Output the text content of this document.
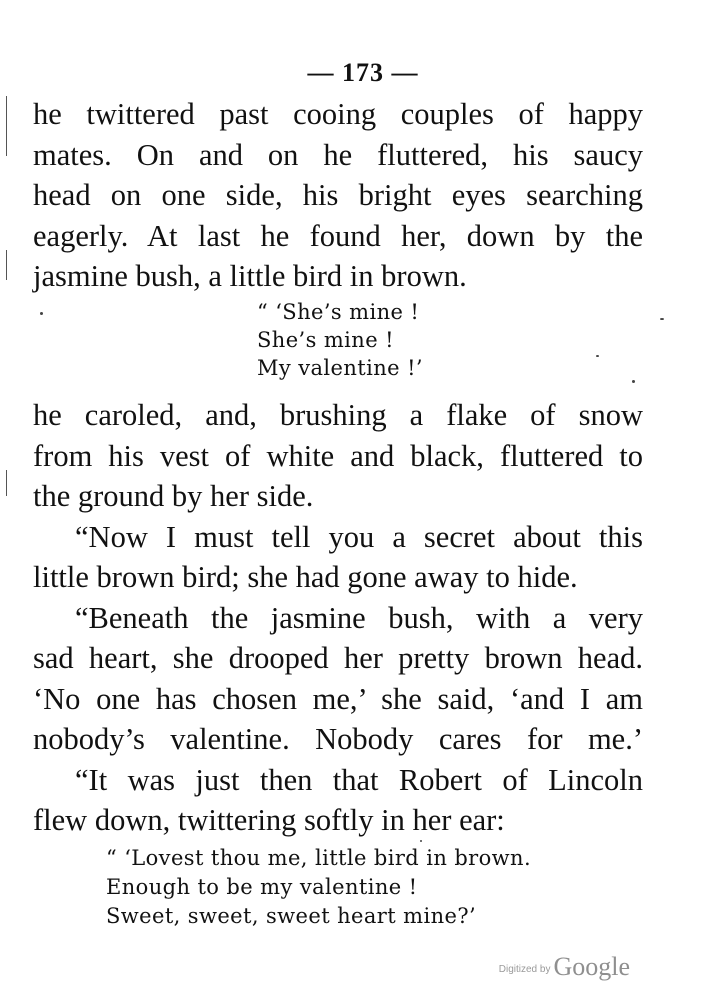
— 173 —
he twittered past cooing couples of happy
mates. On and on he fluttered, his saucy
head on one side, his bright eyes searching
eagerly. At last he found her, down by the
jasmine bush, a little bird in brown.
“ ‘She’s mine !
She’s mine !
My valentine !’
he caroled, and, brushing a flake of snow
from his vest of white and black, fluttered to
the ground by her side.
“Now I must tell you a secret about this
little brown bird; she had gone away to hide.
“Beneath the jasmine bush, with a very
sad heart, she drooped her pretty brown head.
‘No one has chosen me,’ she said, ‘and I am
nobody’s valentine. Nobody cares for me.’
“It was just then that Robert of Lincoln
flew down, twittering softly in her ear:
“ ‘Lovest thou me, little bird in brown.
Enough to be my valentine !
Sweet, sweet, sweet heart mine?’
Digitized by Google
